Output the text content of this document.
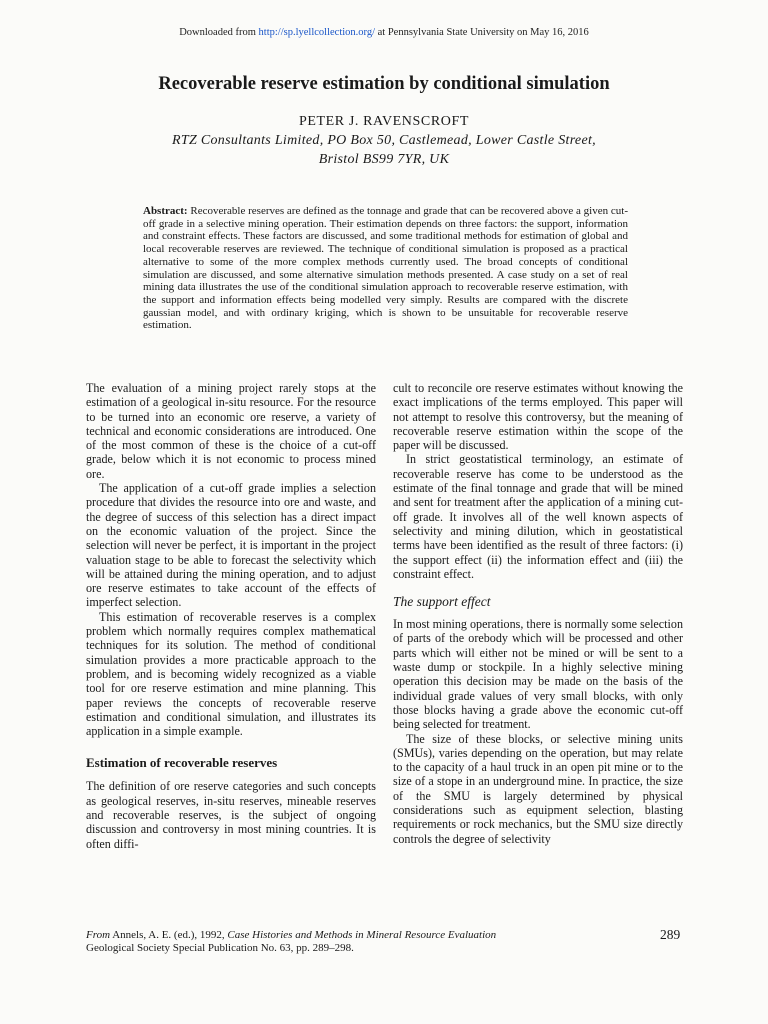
Downloaded from http://sp.lyellcollection.org/ at Pennsylvania State University on May 16, 2016
Recoverable reserve estimation by conditional simulation
PETER J. RAVENSCROFT
RTZ Consultants Limited, PO Box 50, Castlemead, Lower Castle Street,
Bristol BS99 7YR, UK
Abstract: Recoverable reserves are defined as the tonnage and grade that can be recovered above a given cut-off grade in a selective mining operation. Their estimation depends on three factors: the support, information and constraint effects. These factors are discussed, and some traditional methods for estimation of global and local recoverable reserves are reviewed. The technique of conditional simulation is proposed as a practical alternative to some of the more complex methods currently used. The broad concepts of conditional simulation are discussed, and some alternative simulation methods presented. A case study on a set of real mining data illustrates the use of the conditional simulation approach to recoverable reserve estimation, with the support and information effects being modelled very simply. Results are compared with the discrete gaussian model, and with ordinary kriging, which is shown to be unsuitable for recoverable reserve estimation.

The evaluation of a mining project rarely stops at the estimation of a geological in-situ resource. For the resource to be turned into an economic ore reserve, a variety of technical and economic considerations are introduced. One of the most common of these is the choice of a cut-off grade, below which it is not economic to process mined ore.

The application of a cut-off grade implies a selection procedure that divides the resource into ore and waste, and the degree of success of this selection has a direct impact on the economic valuation of the project. Since the selection will never be perfect, it is important in the project valuation stage to be able to forecast the selectivity which will be attained during the mining operation, and to adjust ore reserve estimates to take account of the effects of imperfect selection.

This estimation of recoverable reserves is a complex problem which normally requires complex mathematical techniques for its solution. The method of conditional simulation provides a more practicable approach to the problem, and is becoming widely recognized as a viable tool for ore reserve estimation and mine planning. This paper reviews the concepts of recoverable reserve estimation and conditional simulation, and illustrates its application in a simple example.

Estimation of recoverable reserves

The definition of ore reserve categories and such concepts as geological reserves, in-situ reserves, mineable reserves and recoverable reserves, is the subject of ongoing discussion and controversy in most mining countries. It is often diffi-

cult to reconcile ore reserve estimates without knowing the exact implications of the terms employed. This paper will not attempt to resolve this controversy, but the meaning of recoverable reserve estimation within the scope of the paper will be discussed.

In strict geostatistical terminology, an estimate of recoverable reserve has come to be understood as the estimate of the final tonnage and grade that will be mined and sent for treatment after the application of a mining cut-off grade. It involves all of the well known aspects of selectivity and mining dilution, which in geostatistical terms have been identified as the result of three factors: (i) the support effect (ii) the information effect and (iii) the constraint effect.

The support effect

In most mining operations, there is normally some selection of parts of the orebody which will be processed and other parts which will either not be mined or will be sent to a waste dump or stockpile. In a highly selective mining operation this decision may be made on the basis of the individual grade values of very small blocks, with only those blocks having a grade above the economic cut-off being selected for treatment.

The size of these blocks, or selective mining units (SMUs), varies depending on the operation, but may relate to the capacity of a haul truck in an open pit mine or to the size of a stope in an underground mine. In practice, the size of the SMU is largely determined by physical considerations such as equipment selection, blasting requirements or rock mechanics, but the SMU size directly controls the degree of selectivity

From Annels, A. E. (ed.), 1992, Case Histories and Methods in Mineral Resource Evaluation
Geological Society Special Publication No. 63, pp. 289–298.
289
